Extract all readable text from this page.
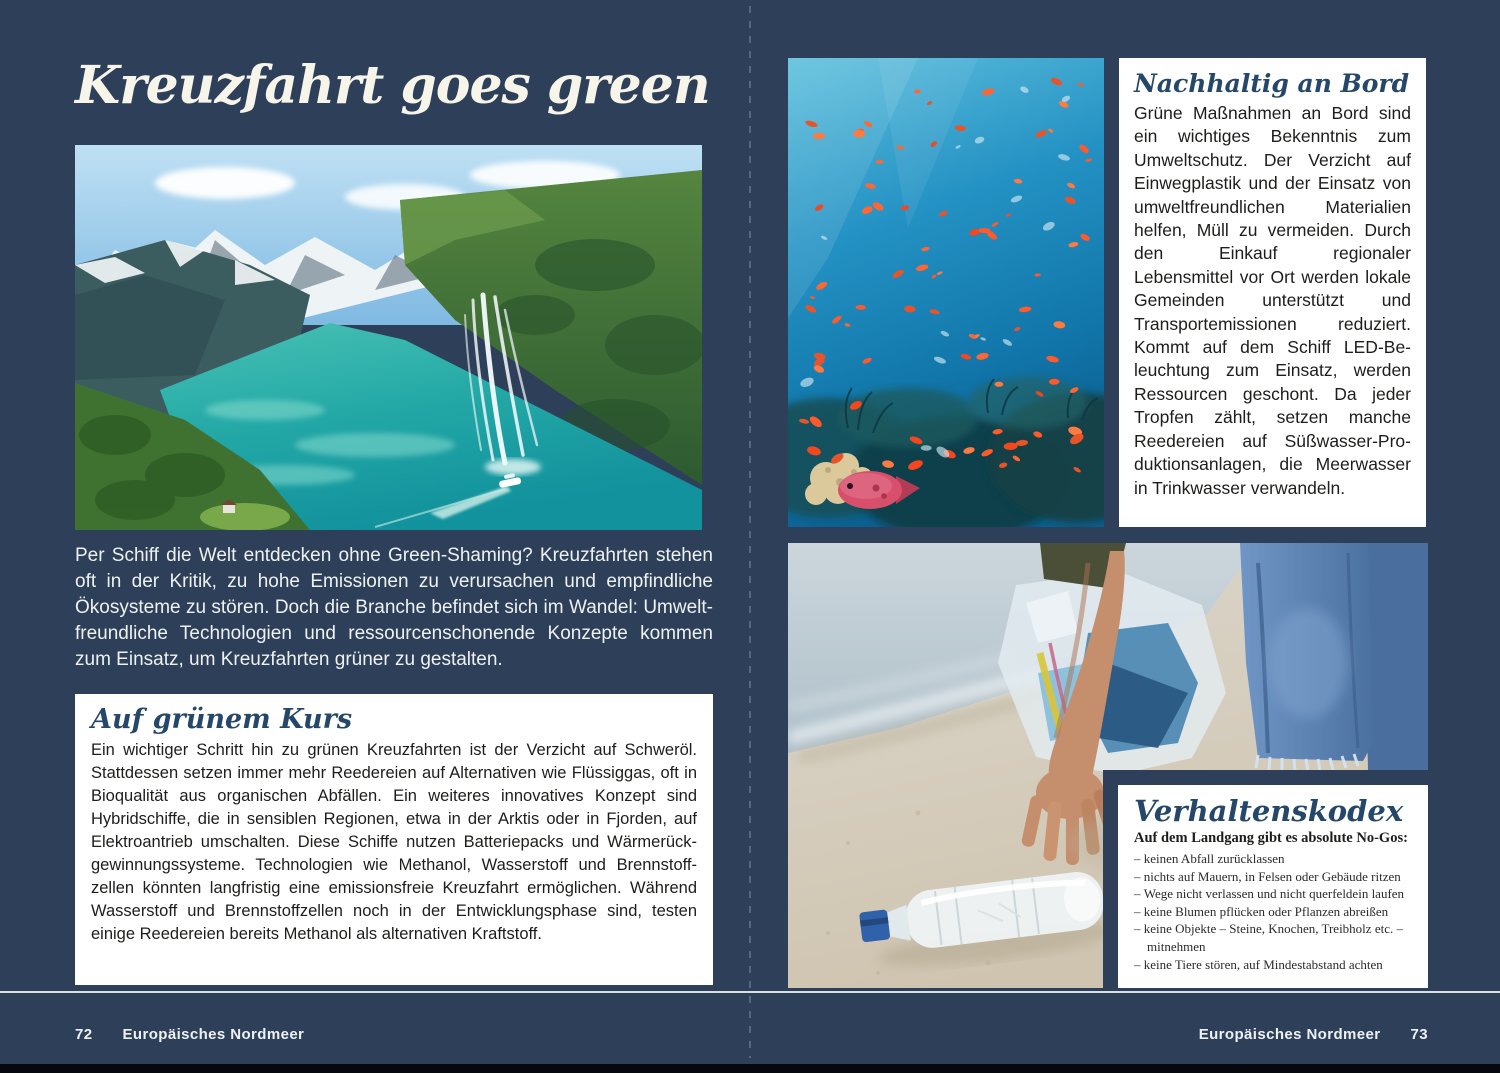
Kreuzfahrt goes green

Per Schiff die Welt entdecken ohne Green-Shaming? Kreuzfahrten stehen oft in der Kritik, zu hohe Emissionen zu verursachen und empfindliche Ökosysteme zu stören. Doch die Branche befindet sich im Wandel: Umweltfreundliche Technologien und ressourcenschonende Konzepte kommen zum Einsatz, um Kreuzfahrten grüner zu gestalten.

Auf grünem Kurs

Ein wichtiger Schritt hin zu grünen Kreuzfahrten ist der Verzicht auf Schweröl. Stattdessen setzen immer mehr Reedereien auf Alternativen wie Flüssiggas, oft in Bioqualität aus organischen Abfällen. Ein weiteres innovatives Konzept sind Hybridschiffe, die in sensiblen Regionen, etwa in der Arktis oder in Fjorden, auf Elektroantrieb umschalten. Diese Schiffe nutzen Batteriepacks und Wärmerückgewinnungssysteme. Technologien wie Methanol, Wasserstoff und Brennstoffzellen könnten langfristig eine emissionsfreie Kreuzfahrt ermöglichen. Während Wasserstoff und Brennstoffzellen noch in der Entwicklungsphase sind, testen einige Reedereien bereits Methanol als alternativen Kraftstoff.

Nachhaltig an Bord

Grüne Maßnahmen an Bord sind ein wichtiges Bekenntnis zum Umweltschutz. Der Verzicht auf Einwegplastik und der Einsatz von umweltfreundlichen Materialien helfen, Müll zu vermeiden. Durch den Einkauf regionaler Lebensmittel vor Ort werden lokale Gemeinden unterstützt und Transportemissionen reduziert. Kommt auf dem Schiff LED-Beleuchtung zum Einsatz, werden Ressourcen geschont. Da jeder Tropfen zählt, setzen manche Reedereien auf Süßwasser-Produktionsanlagen, die Meerwasser in Trinkwasser verwandeln.

Verhaltenskodex

Auf dem Landgang gibt es absolute No-Gos:

– keinen Abfall zurücklassen
– nichts auf Mauern, in Felsen oder Gebäude ritzen
– Wege nicht verlassen und nicht querfeldein laufen
– keine Blumen pflücken oder Pflanzen abreißen
– keine Objekte – Steine, Knochen, Treibholz etc. – mitnehmen
– keine Tiere stören, auf Mindestabstand achten
72 Europäisches Nordmeer	Europäisches Nordmeer 73
